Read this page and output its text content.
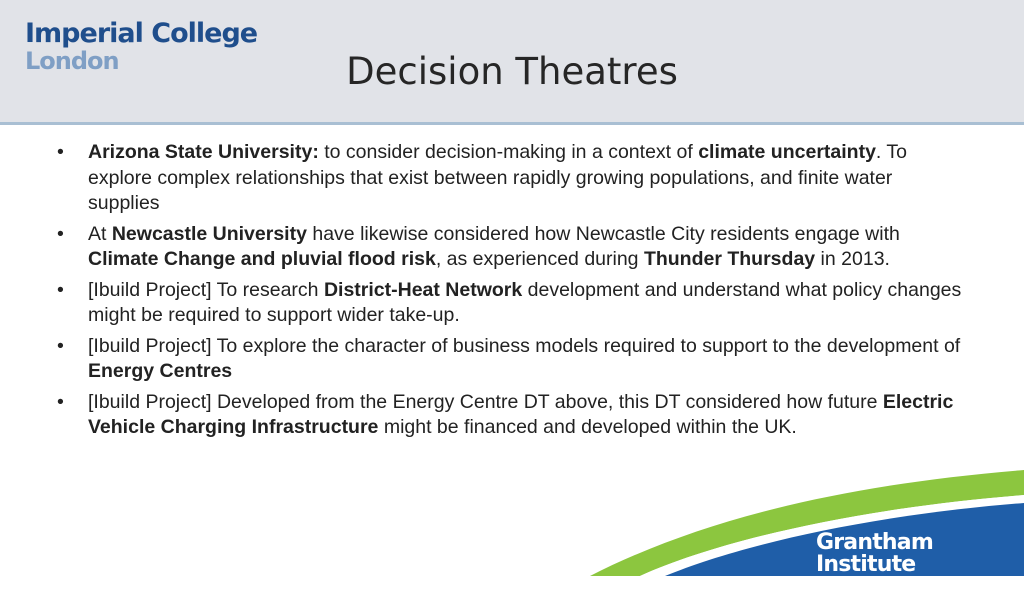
Imperial College
London	Decision Theatres
• Arizona State University: to consider decision-making in a context of climate uncertainty. To explore complex relationships that exist between rapidly growing populations, and finite water supplies
• At Newcastle University have likewise considered how Newcastle City residents engage with Climate Change and pluvial flood risk, as experienced during Thunder Thursday in 2013.
• [Ibuild Project] To research District-Heat Network development and understand what policy changes might be required to support wider take-up.
• [Ibuild Project] To explore the character of business models required to support to the development of Energy Centres
• [Ibuild Project] Developed from the Energy Centre DT above, this DT considered how future Electric Vehicle Charging Infrastructure might be financed and developed within the UK.
Grantham Institute
Climate Change and the Environment
